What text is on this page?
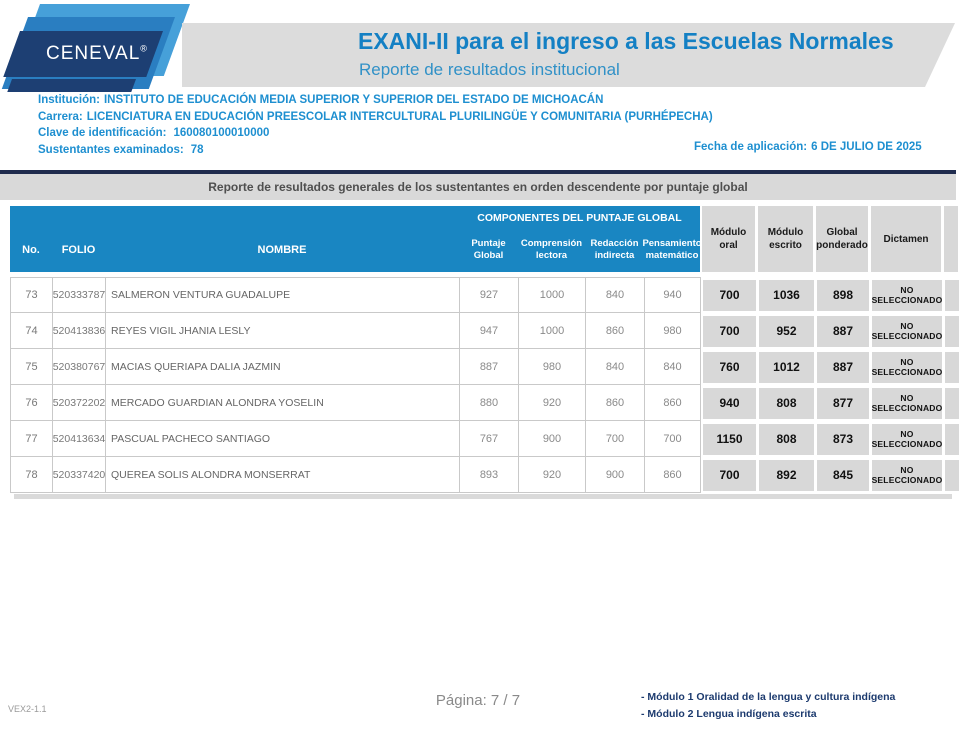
CENEVAL®	EXANI-II para el ingreso a las Escuelas Normales
Reporte de resultados institucional
Institución: INSTITUTO DE EDUCACIÓN MEDIA SUPERIOR Y SUPERIOR DEL ESTADO DE MICHOACÁN
Carrera: LICENCIATURA EN EDUCACIÓN PREESCOLAR INTERCULTURAL PLURILINGÜE Y COMUNITARIA (PURHÉPECHA)
Clave de identificación: 160080100010000
Sustentantes examinados: 78	Fecha de aplicación: 6 DE JULIO DE 2025
Reporte de resultados generales de los sustentantes en orden descendente por puntaje global
COMPONENTES DEL PUNTAJE GLOBAL
No.	FOLIO	NOMBRE
Puntaje Global
Comprensión lectora
Redacción indirecta
Pensamiento matemático
Módulo oral
Módulo escrito
Global ponderado
Dictamen
73	520333787 SALMERON VENTURA GUADALUPE	927	1000	840	940	700	1036	898	NO SELECCIONADO
74	520413836 REYES VIGIL JHANIA LESLY	947	1000	860	980	700	952	887	NO SELECCIONADO
75	520380767 MACIAS QUERIAPA DALIA JAZMIN	887	980	840	840	760	1012	887	NO SELECCIONADO
76	520372202 MERCADO GUARDIAN ALONDRA YOSELIN	880	920	860	860	940	808	877	NO SELECCIONADO
77	520413634 PASCUAL PACHECO SANTIAGO	767	900	700	700	1150	808	873	NO SELECCIONADO
78	520337420 QUEREA SOLIS ALONDRA MONSERRAT	893	920	900	860	700	892	845	NO SELECCIONADO
VEX2-1.1	Página: 7 / 7	- Módulo 1 Oralidad de la lengua y cultura indígena
- Módulo 2 Lengua indígena escrita
